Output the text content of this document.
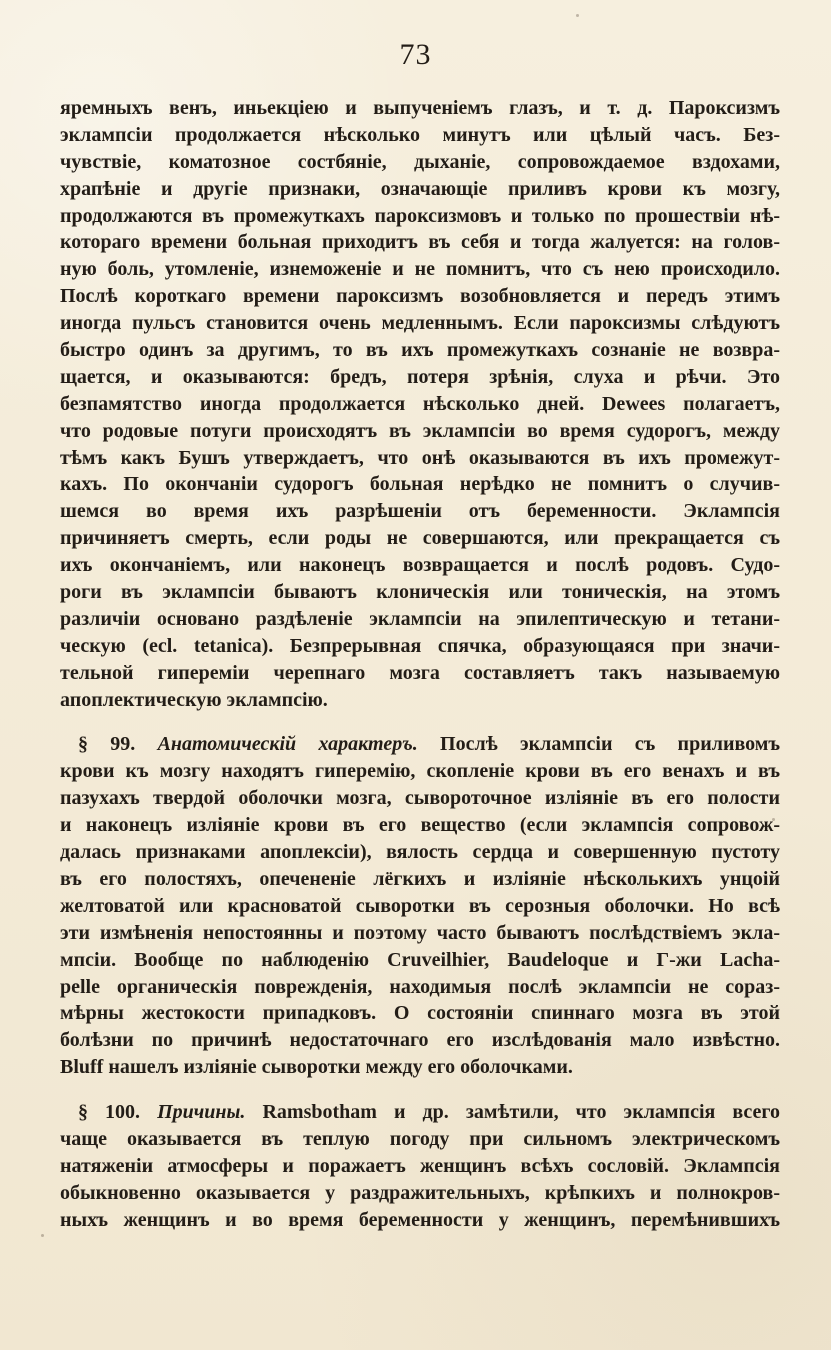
73
яремныхъ венъ, иньекціею и выпученіемъ глазъ, и т. д. Пароксизмъ
эклампсіи продолжается нѣсколько минутъ или цѣлый часъ. Без-
чувствіе, коматозное состбяніе, дыханіе, сопровождаемое вздохами,
храпѣніе и другіе признаки, означающіе приливъ крови къ мозгу,
продолжаются въ промежуткахъ пароксизмовъ и только по прошествіи нѣ-
котораго времени больная приходитъ въ себя и тогда жалуется: на голов-
ную боль, утомленіе, изнеможеніе и не помнитъ, что съ нею происходило.
Послѣ короткаго времени пароксизмъ возобновляется и передъ этимъ
иногда пульсъ становится очень медленнымъ. Если пароксизмы слѣдуютъ
быстро одинъ за другимъ, то въ ихъ промежуткахъ сознаніе не возвра-
щается, и оказываются: бредъ, потеря зрѣнія, слуха и рѣчи. Это
безпамятство иногда продолжается нѣсколько дней. Dewees полагаетъ,
что родовые потуги происходятъ въ эклампсіи во время судорогъ, между
тѣмъ какъ Бушъ утверждаетъ, что онѣ оказываются въ ихъ промежут-
кахъ. По окончаніи судорогъ больная нерѣдко не помнитъ о случив-
шемся во время ихъ разрѣшеніи отъ беременности. Эклампсія
причиняетъ смерть, если роды не совершаются, или прекращается съ
ихъ окончаніемъ, или наконецъ возвращается и послѣ родовъ. Судо-
роги въ эклампсіи бываютъ клоническія или тоническія, на этомъ
различіи основано раздѣленіе эклампсіи на эпилептическую и тетани-
ческую (ecl. tetanica). Безпрерывная спячка, образующаяся при значи-
тельной гипереміи черепнаго мозга составляетъ такъ называемую
апоплектическую эклампсію.
§ 99. Анатомическій характеръ. Послѣ эклампсіи съ приливомъ
крови къ мозгу находятъ гиперемію, скопленіе крови въ его венахъ и въ
пазухахъ твердой оболочки мозга, сывороточное изліяніе въ его полости
и наконецъ изліяніе крови въ его вещество (если эклампсія сопровож-
далась признаками апоплексіи), вялость сердца и совершенную пустоту
въ его полостяхъ, опечененіе лёгкихъ и изліяніе нѣсколькихъ унцоій
желтоватой или красноватой сыворотки въ серозныя оболочки. Но всѣ
эти измѣненія непостоянны и поэтому часто бываютъ послѣдствіемъ экла-
мпсіи. Вообще по наблюденію Cruveilhier, Baudeloque и Г-жи Lacha-
pelle органическія поврежденія, находимыя послѣ эклампсіи не сораз-
мѣрны жестокости припадковъ. О состояніи спиннаго мозга въ этой
болѣзни по причинѣ недостаточнаго его изслѣдованія мало извѣстно.
Bluff нашелъ изліяніе сыворотки между его оболочками.
§ 100. Причины. Ramsbotham и др. замѣтили, что эклампсія всего
чаще оказывается въ теплую погоду при сильномъ электрическомъ
натяженіи атмосферы и поражаетъ женщинъ всѣхъ сословій. Эклампсія
обыкновенно оказывается у раздражительныхъ, крѣпкихъ и полнокров-
ныхъ женщинъ и во время беременности у женщинъ, перемѣнившихъ
